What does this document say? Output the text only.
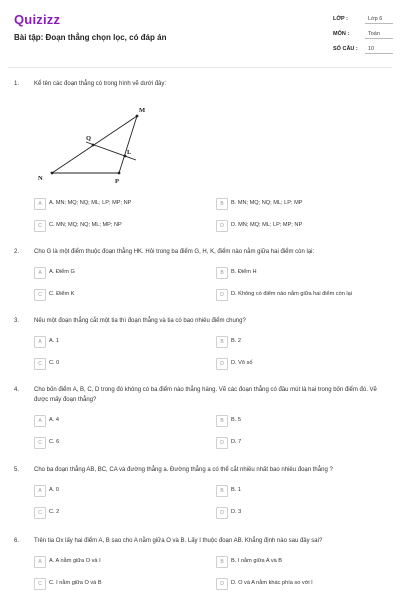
Quizizz
Bài tập: Đoạn thẳng chọn lọc, có đáp án
LỚP :	Lớp 6
MÔN :	Toán
SỐ CÂU : 10
1. Kể tên các đoạn thẳng có trong hình vẽ dưới đây:
M
Q
L
N	P
A	A. MN; MQ; NQ; ML; LP; MP; NP	B	B. MN; MQ; NQ; ML; LP; MP
C	C. MN; MQ; NQ; ML; MP; NP	D	D. MN; MQ; ML; LP; MP; NP
2. Cho G là một điểm thuộc đoạn thẳng HK. Hỏi trong ba điểm G, H, K, điểm nào nằm giữa hai điểm còn lại:
A	A. Điểm G	B	B. Điểm H
C	C. Điểm K	D	D. Không có điểm nào nằm giữa hai điểm còn lại
3. Nếu một đoạn thẳng cắt một tia thì đoạn thẳng và tia có bao nhiêu điểm chung?
A	A. 1	B	B. 2
C	C. 0	D	D. Vô số
4. Cho bốn điểm A, B, C, D trong đó không có ba điểm nào thẳng hàng. Vẽ các đoạn thẳng có đầu mút là hai trong bốn điểm đó. Vẽ được mấy đoạn thẳng?
A	A. 4	B	B. 5
C	C. 6	D	D. 7
5. Cho ba đoạn thẳng AB, BC, CA và đường thẳng a. Đường thẳng a có thể cắt nhiều nhất bao nhiêu đoạn thẳng ?
A	A. 0	B	B. 1
C	C. 2	D	D. 3
6. Trên tia Ox lấy hai điểm A, B sao cho A nằm giữa O và B. Lấy I thuộc đoạn AB. Khẳng định nào sau đây sai?
A	A. A nằm giữa O và I	B	B. I nằm giữa A và B
C	C. I nằm giữa O và B	D	D. O và A nằm khác phía so với I
